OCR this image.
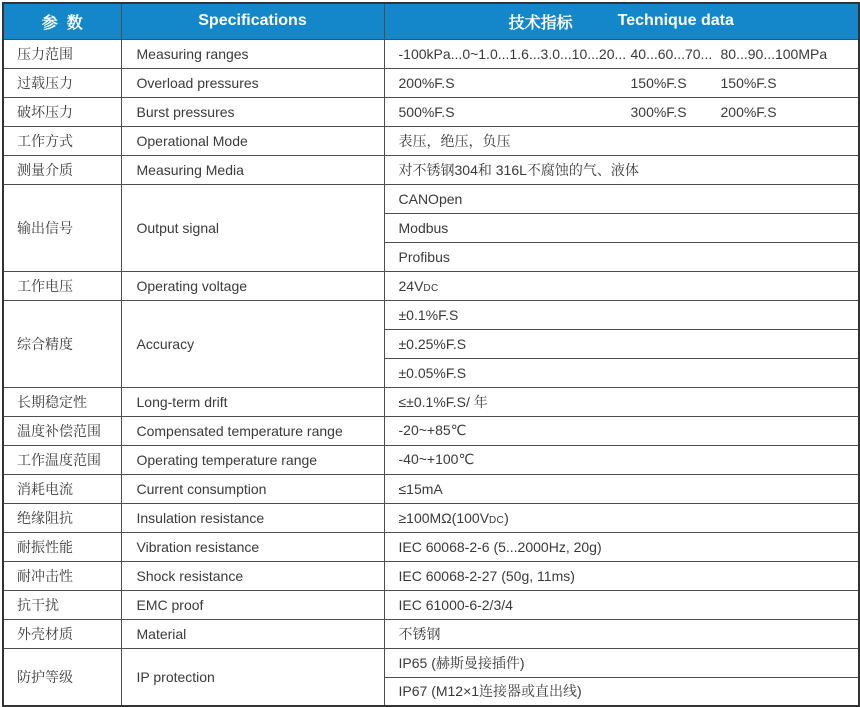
参  数	Specifications	技术指标 Technique data

压力范围	Measuring ranges	-100kPa...0~1.0...1.6...3.0...10...20... 40...60...70... 80...90...100MPa

过载压力	Overload pressures	200%F.S 150%F.S 150%F.S

破坏压力	Burst pressures	500%F.S 300%F.S 200%F.S

工作方式	Operational Mode	表压，绝压，负压
测量介质	Measuring Media	对不锈钢304和 316L不腐蚀的气、液体
输出信号	Output signal	CANOpen
		Modbus
		Profibus
工作电压	Operating voltage	24VDC
综合精度	Accuracy	±0.1%F.S
		±0.25%F.S
		±0.05%F.S
长期稳定性	Long-term drift	≤±0.1%F.S/ 年
温度补偿范围	Compensated temperature range	-20~+85℃
工作温度范围	Operating temperature range	-40~+100℃
消耗电流	Current consumption	≤15mA
绝缘阻抗	Insulation resistance	≥100MΩ(100VDC)
耐振性能	Vibration resistance	IEC 60068-2-6 (5...2000Hz, 20g)
耐冲击性	Shock resistance	IEC 60068-2-27 (50g, 11ms)
抗干扰	EMC proof	IEC 61000-6-2/3/4
外壳材质	Material	不锈钢
防护等级	IP protection	IP65 (赫斯曼接插件)
		IP67 (M12×1连接器或直出线)
